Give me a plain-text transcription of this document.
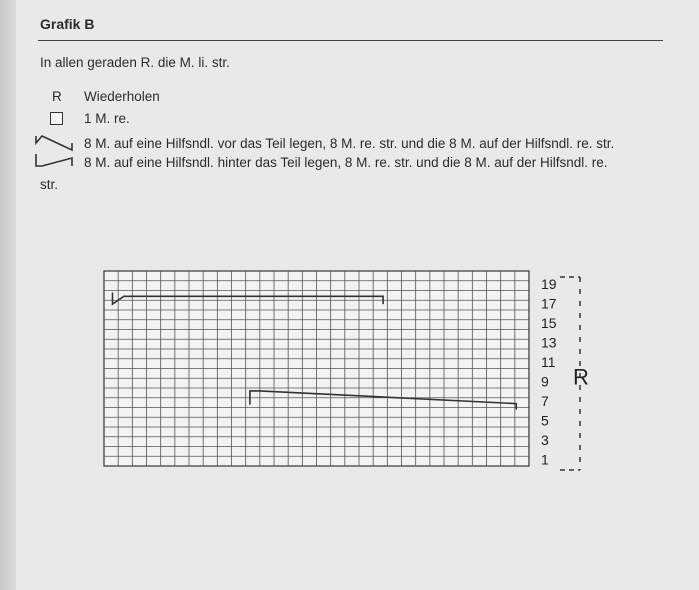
Grafik B
In allen geraden R. die M. li. str.
R	Wiederholen
1 M. re.
8 M. auf eine Hilfsndl. vor das Teil legen, 8 M. re. str. und die 8 M. auf der Hilfsndl. re. str.
8 M. auf eine Hilfsndl. hinter das Teil legen, 8 M. re. str. und die 8 M. auf der Hilfsndl. re.
str.
19
17
15
13
11
9
7
5
3
1
R
